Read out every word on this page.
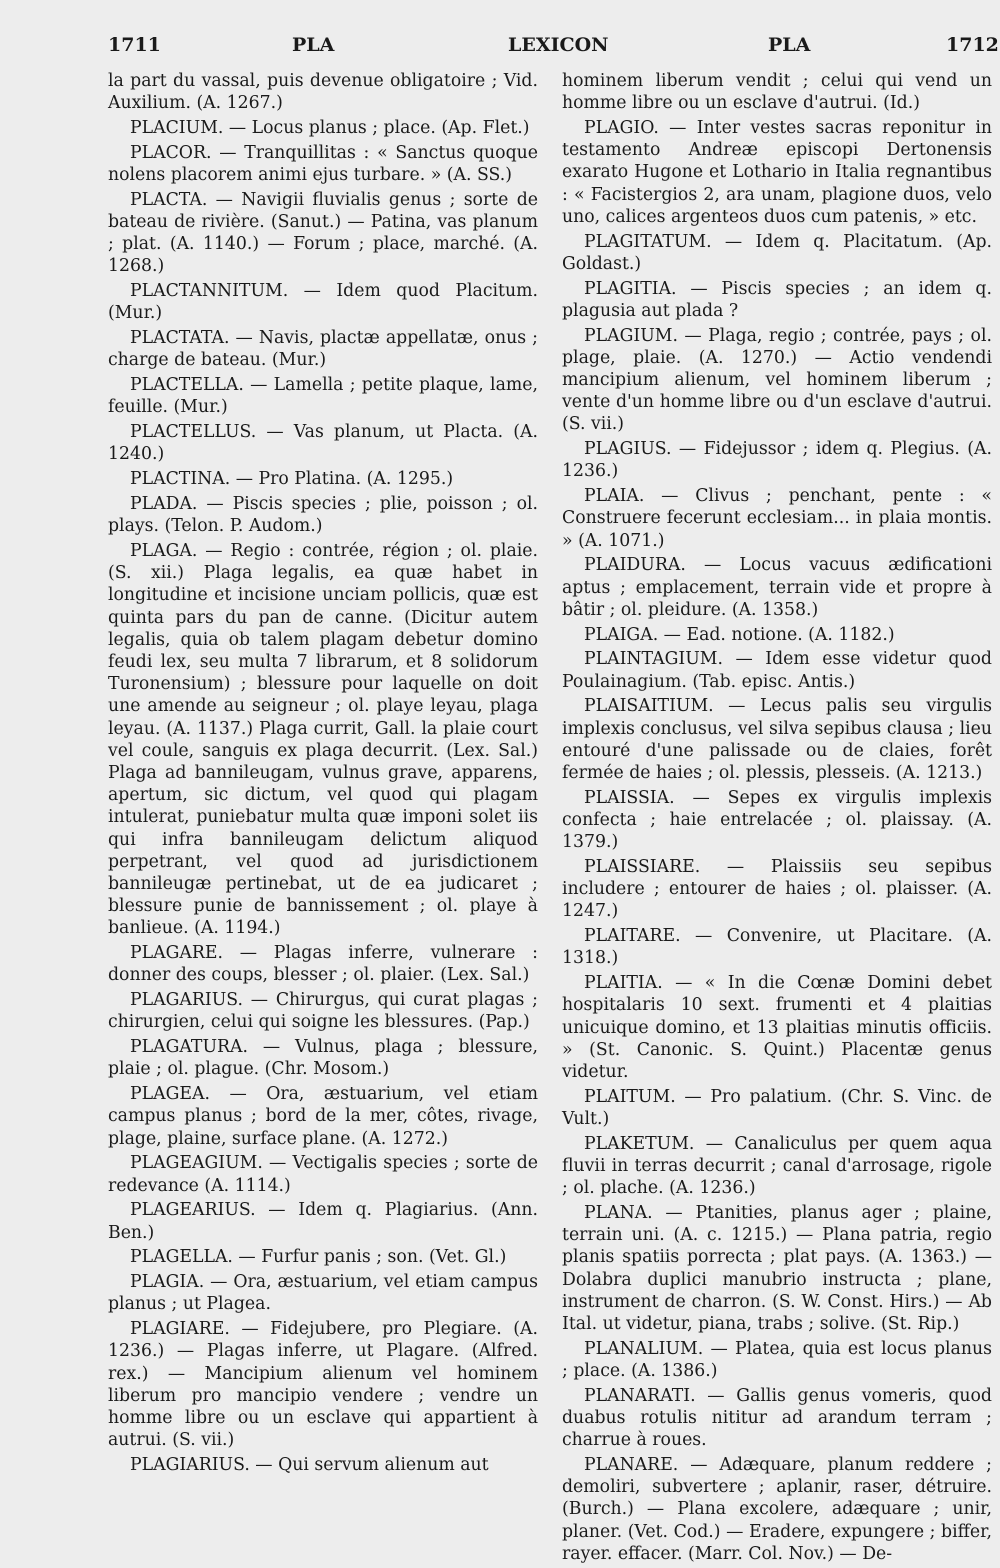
1711	PLA	LEXICON	PLA	1712

la part du vassal, puis devenue obligatoire ; Vid. Auxilium. (A. 1267.)

PLACIUM. — Locus planus ; place. (Ap. Flet.)

PLACOR. — Tranquillitas : « Sanctus quoque nolens placorem animi ejus turbare. » (A. SS.)

PLACTA. — Navigii fluvialis genus ; sorte de bateau de rivière. (Sanut.) — Patina, vas planum ; plat. (A. 1140.) — Forum ; place, marché. (A. 1268.)

PLACTANNITUM. — Idem quod Placitum. (Mur.)

PLACTATA. — Navis, plactæ appellatæ, onus ; charge de bateau. (Mur.)

PLACTELLA. — Lamella ; petite plaque, lame, feuille. (Mur.)

PLACTELLUS. — Vas planum, ut Placta. (A. 1240.)

PLACTINA. — Pro Platina. (A. 1295.)

PLADA. — Piscis species ; plie, poisson ; ol. plays. (Telon. P. Audom.)

PLAGA. — Regio : contrée, région ; ol. plaie. (S. xii.) Plaga legalis, ea quæ habet in longitudine et incisione unciam pollicis, quæ est quinta pars du pan de canne. (Dicitur autem legalis, quia ob talem plagam debetur domino feudi lex, seu multa 7 librarum, et 8 solidorum Turonensium) ; blessure pour laquelle on doit une amende au seigneur ; ol. playe leyau, plaga leyau. (A. 1137.) Plaga currit, Gall. la plaie court vel coule, sanguis ex plaga decurrit. (Lex. Sal.) Plaga ad bannileugam, vulnus grave, apparens, apertum, sic dictum, vel quod qui plagam intulerat, puniebatur multa quæ imponi solet iis qui infra bannileugam delictum aliquod perpetrant, vel quod ad jurisdictionem bannileugæ pertinebat, ut de ea judicaret ; blessure punie de bannissement ; ol. playe à banlieue. (A. 1194.)

PLAGARE. — Plagas inferre, vulnerare : donner des coups, blesser ; ol. plaier. (Lex. Sal.)

PLAGARIUS. — Chirurgus, qui curat plagas ; chirurgien, celui qui soigne les blessures. (Pap.)

PLAGATURA. — Vulnus, plaga ; blessure, plaie ; ol. plague. (Chr. Mosom.)

PLAGEA. — Ora, æstuarium, vel etiam campus planus ; bord de la mer, côtes, rivage, plage, plaine, surface plane. (A. 1272.)

PLAGEAGIUM. — Vectigalis species ; sorte de redevance (A. 1114.)

PLAGEARIUS. — Idem q. Plagiarius. (Ann. Ben.)

PLAGELLA. — Furfur panis ; son. (Vet. Gl.)

PLAGIA. — Ora, æstuarium, vel etiam campus planus ; ut Plagea.

PLAGIARE. — Fidejubere, pro Plegiare. (A. 1236.) — Plagas inferre, ut Plagare. (Alfred. rex.) — Mancipium alienum vel hominem liberum pro mancipio vendere ; vendre un homme libre ou un esclave qui appartient à autrui. (S. vii.)

PLAGIARIUS. — Qui servum alienum aut

hominem liberum vendit ; celui qui vend un homme libre ou un esclave d'autrui. (Id.)

PLAGIO. — Inter vestes sacras reponitur in testamento Andreæ episcopi Dertonensis exarato Hugone et Lothario in Italia regnantibus : « Facistergios 2, ara unam, plagione duos, velo uno, calices argenteos duos cum patenis, » etc.

PLAGITATUM. — Idem q. Placitatum. (Ap. Goldast.)

PLAGITIA. — Piscis species ; an idem q. plagusia aut plada ?

PLAGIUM. — Plaga, regio ; contrée, pays ; ol. plage, plaie. (A. 1270.) — Actio vendendi mancipium alienum, vel hominem liberum ; vente d'un homme libre ou d'un esclave d'autrui. (S. vii.)

PLAGIUS. — Fidejussor ; idem q. Plegius. (A. 1236.)

PLAIA. — Clivus ; penchant, pente : « Construere fecerunt ecclesiam... in plaia montis. » (A. 1071.)

PLAIDURA. — Locus vacuus ædificationi aptus ; emplacement, terrain vide et propre à bâtir ; ol. pleidure. (A. 1358.)

PLAIGA. — Ead. notione. (A. 1182.)

PLAINTAGIUM. — Idem esse videtur quod Poulainagium. (Tab. episc. Antis.)

PLAISAITIUM. — Lecus palis seu virgulis implexis conclusus, vel silva sepibus clausa ; lieu entouré d'une palissade ou de claies, forêt fermée de haies ; ol. plessis, plesseis. (A. 1213.)

PLAISSIA. — Sepes ex virgulis implexis confecta ; haie entrelacée ; ol. plaissay. (A. 1379.)

PLAISSIARE. — Plaissiis seu sepibus includere ; entourer de haies ; ol. plaisser. (A. 1247.)

PLAITARE. — Convenire, ut Placitare. (A. 1318.)

PLAITIA. — « In die Cœnæ Domini debet hospitalaris 10 sext. frumenti et 4 plaitias unicuique domino, et 13 plaitias minutis officiis. » (St. Canonic. S. Quint.) Placentæ genus videtur.

PLAITUM. — Pro palatium. (Chr. S. Vinc. de Vult.)

PLAKETUM. — Canaliculus per quem aqua fluvii in terras decurrit ; canal d'arrosage, rigole ; ol. plache. (A. 1236.)

PLANA. — Ptanities, planus ager ; plaine, terrain uni. (A. c. 1215.) — Plana patria, regio planis spatiis porrecta ; plat pays. (A. 1363.) — Dolabra duplici manubrio instructa ; plane, instrument de charron. (S. W. Const. Hirs.) — Ab Ital. ut videtur, piana, trabs ; solive. (St. Rip.)

PLANALIUM. — Platea, quia est locus planus ; place. (A. 1386.)

PLANARATI. — Gallis genus vomeris, quod duabus rotulis nititur ad arandum terram ; charrue à roues.

PLANARE. — Adæquare, planum reddere ; demoliri, subvertere ; aplanir, raser, détruire. (Burch.) — Plana excolere, adæquare ; unir, planer. (Vet. Cod.) — Eradere, expungere ; biffer, rayer. effacer. (Marr. Col. Nov.) — De-
